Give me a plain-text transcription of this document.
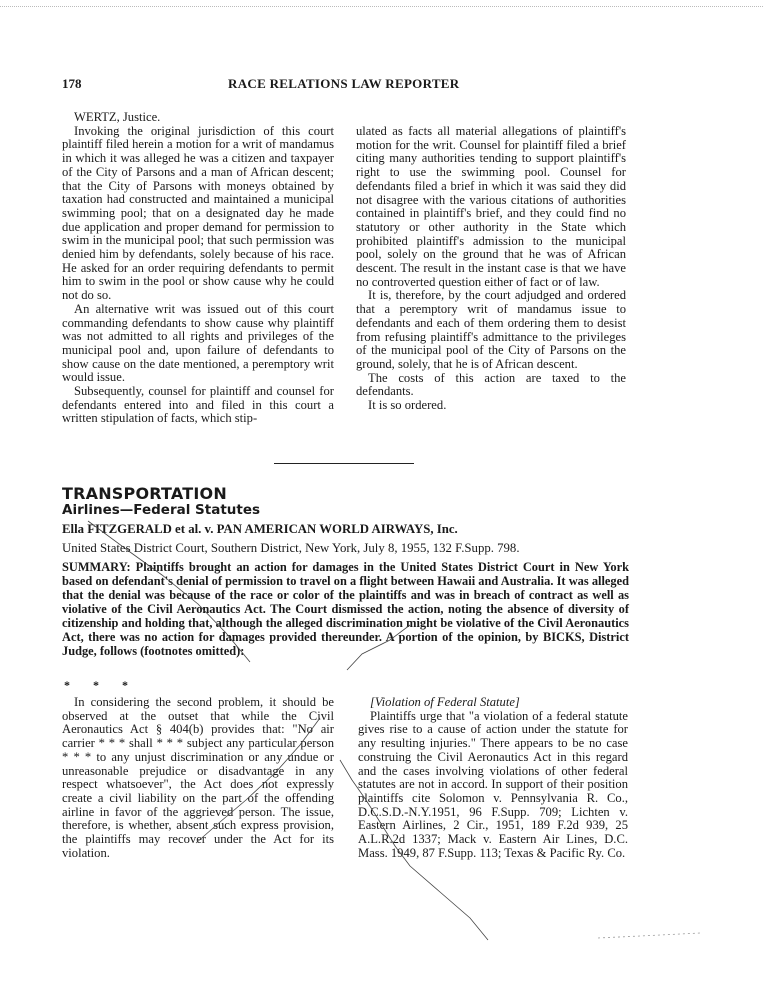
178	RACE RELATIONS LAW REPORTER

WERTZ, Justice.

Invoking the original jurisdiction of this court plaintiff filed herein a motion for a writ of mandamus in which it was alleged he was a citizen and taxpayer of the City of Parsons and a man of African descent; that the City of Parsons with moneys obtained by taxation had constructed and maintained a municipal swimming pool; that on a designated day he made due application and proper demand for permission to swim in the municipal pool; that such permission was denied him by defendants, solely because of his race. He asked for an order requiring defendants to permit him to swim in the pool or show cause why he could not do so.

An alternative writ was issued out of this court commanding defendants to show cause why plaintiff was not admitted to all rights and privileges of the municipal pool and, upon failure of defendants to show cause on the date mentioned, a peremptory writ would issue.

Subsequently, counsel for plaintiff and counsel for defendants entered into and filed in this court a written stipulation of facts, which stip-

ulated as facts all material allegations of plaintiff's motion for the writ. Counsel for plaintiff filed a brief citing many authorities tending to support plaintiff's right to use the swimming pool. Counsel for defendants filed a brief in which it was said they did not disagree with the various citations of authorities contained in plaintiff's brief, and they could find no statutory or other authority in the State which prohibited plaintiff's admission to the municipal pool, solely on the ground that he was of African descent. The result in the instant case is that we have no controverted question either of fact or of law.

It is, therefore, by the court adjudged and ordered that a peremptory writ of mandamus issue to defendants and each of them ordering them to desist from refusing plaintiff's admittance to the privileges of the municipal pool of the City of Parsons on the ground, solely, that he is of African descent.

The costs of this action are taxed to the defendants.

It is so ordered.

TRANSPORTATION
Airlines—Federal Statutes
Ella FITZGERALD et al. v. PAN AMERICAN WORLD AIRWAYS, Inc.
United States District Court, Southern District, New York, July 8, 1955, 132 F.Supp. 798.
SUMMARY: Plaintiffs brought an action for damages in the United States District Court in New York based on defendant's denial of permission to travel on a flight between Hawaii and Australia. It was alleged that the denial was because of the race or color of the plaintiffs and was in breach of contract as well as violative of the Civil Aeronautics Act. The Court dismissed the action, noting the absence of diversity of citizenship and holding that, although the alleged discrimination might be violative of the Civil Aeronautics Act, there was no action for damages provided thereunder. A portion of the opinion, by BICKS, District Judge, follows (footnotes omitted):
* * *

In considering the second problem, it should be observed at the outset that while the Civil Aeronautics Act § 404(b) provides that: "No air carrier * * * shall * * * subject any particular person * * * to any unjust discrimination or any undue or unreasonable prejudice or disadvantage in any respect whatsoever", the Act does not expressly create a civil liability on the part of the offending airline in favor of the aggrieved person. The issue, therefore, is whether, absent such express provision, the plaintiffs may recover under the Act for its violation.

[Violation of Federal Statute]

Plaintiffs urge that "a violation of a federal statute gives rise to a cause of action under the statute for any resulting injuries." There appears to be no case construing the Civil Aeronautics Act in this regard and the cases involving violations of other federal statutes are not in accord. In support of their position plaintiffs cite Solomon v. Pennsylvania R. Co., D.C.S.D.-N.Y.1951, 96 F.Supp. 709; Lichten v. Eastern Airlines, 2 Cir., 1951, 189 F.2d 939, 25 A.L.R.2d 1337; Mack v. Eastern Air Lines, D.C. Mass. 1949, 87 F.Supp. 113; Texas & Pacific Ry. Co.
